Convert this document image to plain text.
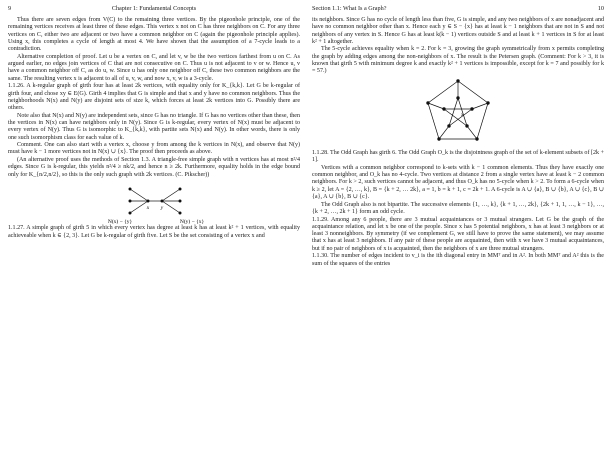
9	Chapter 1: Fundamental Concepts

Thus there are seven edges from V(C) to the remaining three vertices. By the pigeonhole principle, one of the remaining vertices receives at least three of these edges. This vertex x not on C has three neighbors on C. For any three vertices on C, either two are adjacent or two have a common neighbor on C (again the pigeonhole principle applies). Using x, this completes a cycle of length at most 4. We have shown that the assumption of a 7-cycle leads to a contradiction.

Alternative completion of proof. Let u be a vertex on C, and let v, w be the two vertices farthest from u on C. As argued earlier, no edges join vertices of C that are not consecutive on C. Thus u is not adjacent to v or w. Hence u, v have a common neighbor off C, as do u, w. Since u has only one neighbor off C, these two common neighbors are the same. The resulting vertex x is adjacent to all of u, v, w, and now x, v, w is a 3-cycle.

1.1.26. A k-regular graph of girth four has at least 2k vertices, with equality only for K_{k,k}. Let G be k-regular of girth four, and chose xy ∈ E(G). Girth 4 implies that G is simple and that x and y have no common neighbors. Thus the neighborhoods N(x) and N(y) are disjoint sets of size k, which forces at least 2k vertices into G. Possibly there are others.

Note also that N(x) and N(y) are independent sets, since G has no triangle. If G has no vertices other than these, then the vertices in N(x) can have neighbors only in N(y). Since G is k-regular, every vertex of N(x) must be adjacent to every vertex of N(y). Thus G is isomorphic to K_{k,k}, with partite sets N(x) and N(y). In other words, there is only one such isomorphism class for each value of k.

Comment. One can also start with a vertex x, choose y from among the k vertices in N(x), and observe that N(y) must have k − 1 more vertices not in N(x) ∪ {x}. The proof then proceeds as above.

(An alternative proof uses the methods of Section 1.3. A triangle-free simple graph with n vertices has at most n²/4 edges. Since G is k-regular, this yields n²/4 ≥ nk/2, and hence n ≥ 2k. Furthermore, equality holds in the edge bound only for K_{n/2,n/2}, so this is the only such graph with 2k vertices. (C. Pikscher))

x y
N(x) − {y}	N(y) − {x}

1.1.27. A simple graph of girth 5 in which every vertex has degree at least k has at least k² + 1 vertices, with equality achieveable when k ∈ {2, 3}. Let G be k-regular of girth five. Let S be the set consisting of a vertex x and

Section 1.1: What Is a Graph?	10

its neighbors. Since G has no cycle of length less than five, G is simple, and any two neighbors of x are nonadjacent and have no common neighbor other than x. Hence each y ∈ S − {x} has at least k − 1 neighbors that are not in S and not neighbors of any vertex in S. Hence G has at least k(k − 1) vertices outside S and at least k + 1 vertices in S for at least k² + 1 altogether.

The 5-cycle achieves equality when k = 2. For k = 3, growing the graph symmetrically from x permits completing the graph by adding edges among the non-neighbors of x. The result is the Petersen graph. (Comment: For k > 3, it is known that girth 5 with minimum degree k and exactly k² + 1 vertices is impossible, except for k = 7 and possibly for k = 57.)

x

1.1.28. The Odd Graph has girth 6. The Odd Graph O_k is the disjointness graph of the set of k-element subsets of [2k + 1].

Vertices with a common neighbor correspond to k-sets with k − 1 common elements. Thus they have exactly one common neighbor, and O_k has no 4-cycle. Two vertices at distance 2 from a single vertex have at least k − 2 common neighbors. For k > 2, such vertices cannot be adjacent, and thus O_k has no 5-cycle when k > 2. To form a 6-cycle when k ≥ 2, let A = {2, …, k}, B = {k + 2, … 2k}, a = 1, b = k + 1, c = 2k + 1. A 6-cycle is A ∪ {a}, B ∪ {b}, A ∪ {c}, B ∪ {a}, A ∪ {b}, B ∪ {c}.

The Odd Graph also is not bipartite. The successive elements {1, …, k}, {k + 1, …, 2k}, {2k + 1, 1, …, k − 1}, …, {k + 2, …, 2k + 1} form an odd cycle.

1.1.29. Among any 6 people, there are 3 mutual acquaintances or 3 mutual strangers. Let G be the graph of the acquaintance relation, and let x be one of the people. Since x has 5 potential neighbors, x has at least 3 neighbors or at least 3 nonneighbors. By symmetry (if we complement G, we still have to prove the same statement), we may assume that x has at least 3 neighbors. If any pair of these people are acquainted, then with x we have 3 mutual acquaintances, but if no pair of neighbors of x is acquainted, then the neighbors of x are three mutual strangers.

1.1.30. The number of edges incident to v_i is the ith diagonal entry in MMᵀ and in A². In both MMᵀ and A² this is the sum of the squares of the entries
